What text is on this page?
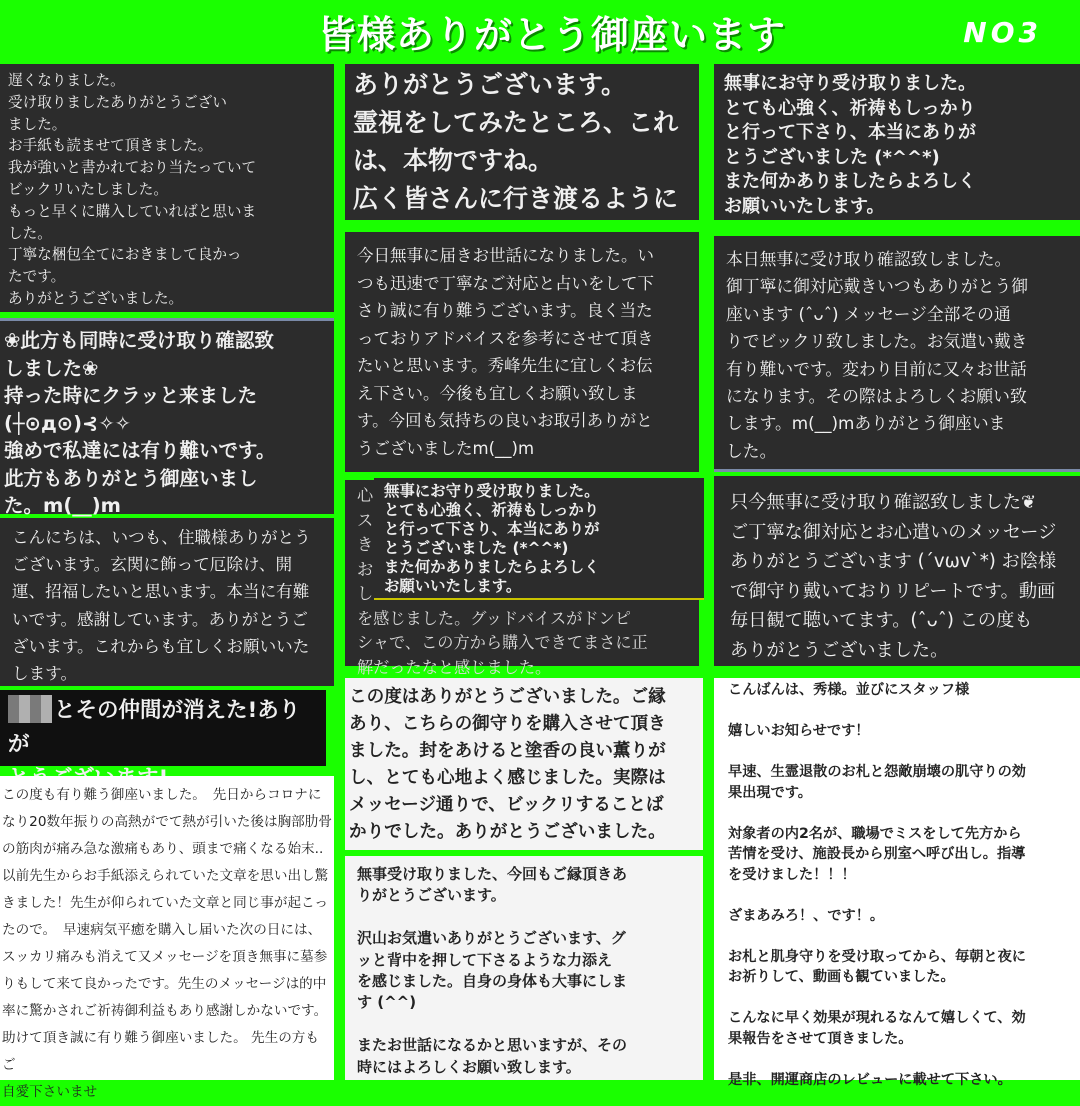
皆様ありがとう御座います	NO3
遅くなりました。
受け取りましたありがとうござい
ました。
お手紙も読ませて頂きました。
我が強いと書かれており当たっていて
ビックリいたしました。
もっと早くに購入していればと思いま
した。
丁寧な梱包全てにおきまして良かっ
たです。
ありがとうございました。
ありがとうございます。
霊視をしてみたところ、これ
は、本物ですね。
広く皆さんに行き渡るように
無事にお守り受け取りました。
とても心強く、祈祷もしっかり
と行って下さり、本当にありが
とうございました (*^^*)
また何かありましたらよろしく
お願いいたします。
❀此方も同時に受け取り確認致
しました❀
持った時にクラッと来ました
(┼⊙д⊙)⊰✧✧
強めで私達には有り難いです。
此方もありがとう御座いまし
た。m(__)m
今日無事に届きお世話になりました。い
つも迅速で丁寧なご対応と占いをして下
さり誠に有り難うございます。良く当た
っておりアドバイスを参考にさせて頂き
たいと思います。秀峰先生に宜しくお伝
え下さい。今後も宜しくお願い致しま
す。今回も気持ちの良いお取引ありがと
うございましたm(__)m
本日無事に受け取り確認致しました。
御丁寧に御対応戴きいつもありがとう御
座います (ˆᴗˆ) メッセージ全部その通
りでビックリ致しました。お気遣い戴き
有り難いです。変わり目前に又々お世話
になります。その際はよろしくお願い致
します。m(__)mありがとう御座いま
した。
こんにちは、いつも、住職様ありがとう
ございます。玄関に飾って厄除け、開
運、招福したいと思います。本当に有難
いです。感謝しています。ありがとうご
ざいます。これからも宜しくお願いいた
します。
心
ス
き
お
し
を感じました。グッドバイスがドンピ
シャで、この方から購入できてまさに正
解だったなと感じました。
無事にお守り受け取りました。
とても心強く、祈祷もしっかり
と行って下さり、本当にありが
とうございました (*^^*)
また何かありましたらよろしく
お願いいたします。
只今無事に受け取り確認致しました❦
ご丁寧な御対応とお心遣いのメッセージ
ありがとうございます (´vωv`*) お陰様
で御守り戴いておりリピートです。動画
毎日観て聴いてます。(ˆᴗˆ) この度も
ありがとうございました。
とその仲間が消えた!ありが

この度も有り難う御座いました。　先日からコロナに
なり20数年振りの高熱がでて熱が引いた後は胸部肋骨
の筋肉が痛み急な激痛もあり、頭まで痛くなる始末..
以前先生からお手紙添えられていた文章を思い出し驚
きました！先生が仰られていた文章と同じ事が起こっ
たので。　早速病気平癒を購入し届いた次の日には、
スッカリ痛みも消えて又メッセージを頂き無事に墓参
りもして来て良かったです。先生のメッセージは的中
率に驚かされご祈祷御利益もあり感謝しかないです。
助けて頂き誠に有り難う御座いました。 先生の方もご
自愛下さいませ
この度はありがとうございました。ご縁
あり、こちらの御守りを購入させて頂き
ました。封をあけると塗香の良い薫りが
し、とても心地よく感じました。実際は
メッセージ通りで、ビックリすることば
かりでした。ありがとうございました。
無事受け取りました、今回もご縁頂きあ
りがとうございます。

沢山お気遣いありがとうございます、グ
ッと背中を押して下さるような力添え
を感じました。自身の身体も大事にしま
す (^^)

またお世話になるかと思いますが、その
時にはよろしくお願い致します。
こんばんは、秀様。並びにスタッフ様

嬉しいお知らせです！

早速、生霊退散のお札と怨敵崩壊の肌守りの効
果出現です。

対象者の内2名が、職場でミスをして先方から
苦情を受け、施設長から別室へ呼び出し。指導
を受けました！！！

ざまあみろ！、です！。

お札と肌身守りを受け取ってから、毎朝と夜に
お祈りして、動画も観ていました。

こんなに早く効果が現れるなんて嬉しくて、効
果報告をさせて頂きました。

是非、開運商店のレビューに載せて下さい。
